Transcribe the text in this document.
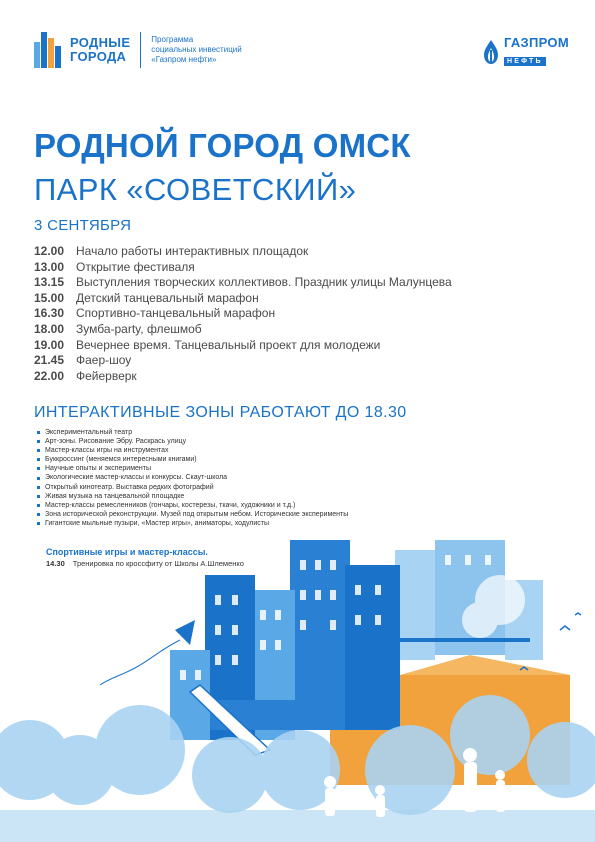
РОДНЫЕ
ГОРОДА
Программа
социальных инвестиций
«Газпром нефти»
ГАЗПРОМ
НЕФТЬ
РОДНОЙ ГОРОД ОМСК
ПАРК «СОВЕТСКИЙ»
3 СЕНТЯБРЯ
12.00 Начало работы интерактивных площадок
13.00 Открытие фестиваля
13.15 Выступления творческих коллективов. Праздник улицы Малунцева
15.00 Детский танцевальный марафон
16.30 Спортивно-танцевальный марафон
18.00 Зумба-party, флешмоб
19.00 Вечернее время. Танцевальный проект для молодежи
21.45 Фаер-шоу
22.00 Фейерверк
ИНТЕРАКТИВНЫЕ ЗОНЫ РАБОТАЮТ ДО 18.30
Экспериментальный театр
Арт-зоны. Рисование Эбру. Раскрась улицу
Мастер-классы игры на инструментах
Буккроссинг (меняемся интересными книгами)
Научные опыты и эксперименты
Экологические мастер-классы и конкурсы. Скаут-школа
Открытый кинотеатр. Выставка редких фотографий
Живая музыка на танцевальной площадке
Мастер-классы ремесленников (гончары, костерезы, ткачи, художники и т.д.)
Зона исторической реконструкции. Музей под открытым небом. Исторические эксперименты
Гигантские мыльные пузыри, «Мастер игры», аниматоры, ходулисты
Спортивные игры и мастер-классы.
14.30 Тренировка по кроссфиту от Школы А.Шлеменко
